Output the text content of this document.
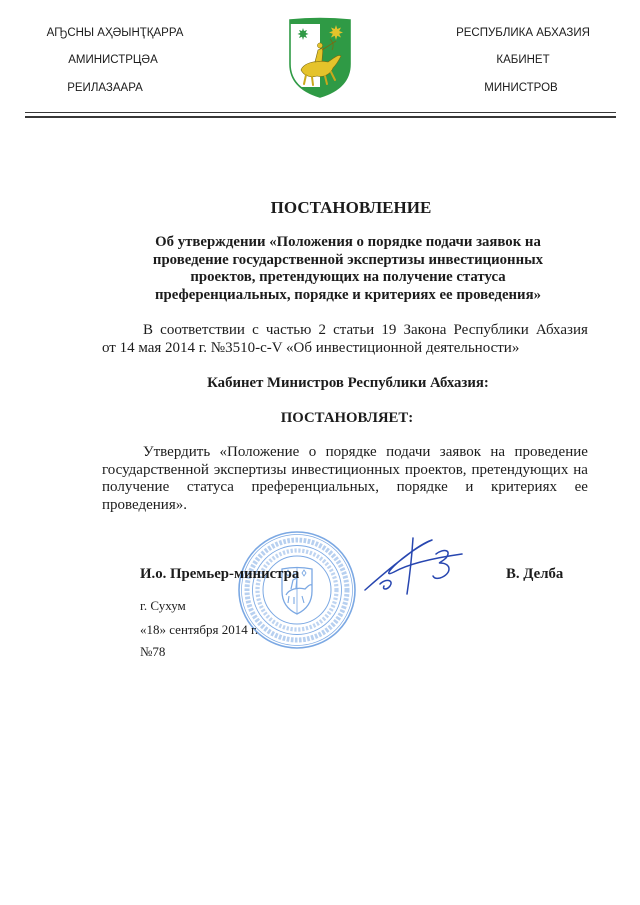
АҦСНЫ АҲӘЫНҬҚАРРА
АМИНИСТРЦӘА
РЕИЛАЗААРА
РЕСПУБЛИКА АБХАЗИЯ
КАБИНЕТ
МИНИСТРОВ
ПОСТАНОВЛЕНИЕ
Об утверждении «Положения о порядке подачи заявок на
проведение государственной экспертизы инвестиционных
проектов, претендующих на получение статуса
преференциальных, порядке и критериях ее проведения»
В соответствии с частью 2 статьи 19 Закона Республики Абхазия
от 14 мая 2014 г. №3510-с-V «Об инвестиционной деятельности»
Кабинет Министров Республики Абхазия:
ПОСТАНОВЛЯЕТ:
Утвердить «Положение о порядке подачи заявок на проведение
государственной экспертизы инвестиционных проектов, претендующих на
получение статуса преференциальных, порядке и критериях ее
проведения».
И.о. Премьер-министра	В. Делба
г. Сухум
«18» сентября 2014 г.
№78
